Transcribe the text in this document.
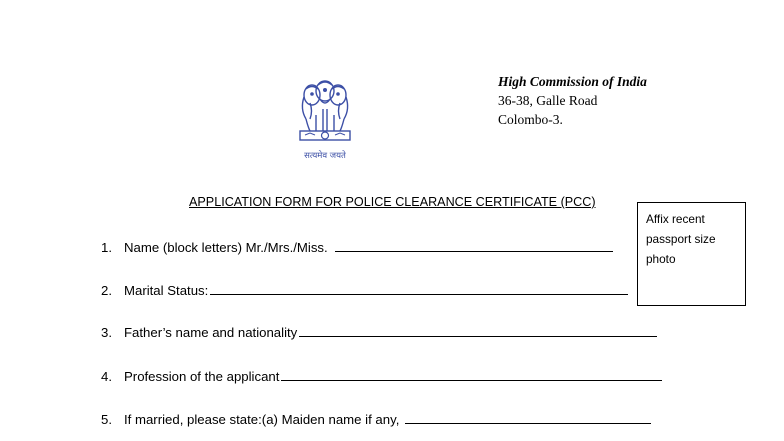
सत्यमेव जयते
High Commission of India
36-38, Galle Road
Colombo-3.
APPLICATION FORM FOR POLICE CLEARANCE CERTIFICATE (PCC)
1. Name (block letters) Mr./Mrs./Miss.
2. Marital Status:
3. Father’s name and nationality
4. Profession of the applicant
5. If married, please state:(a) Maiden name if any,
Affix recent
passport size
photo
